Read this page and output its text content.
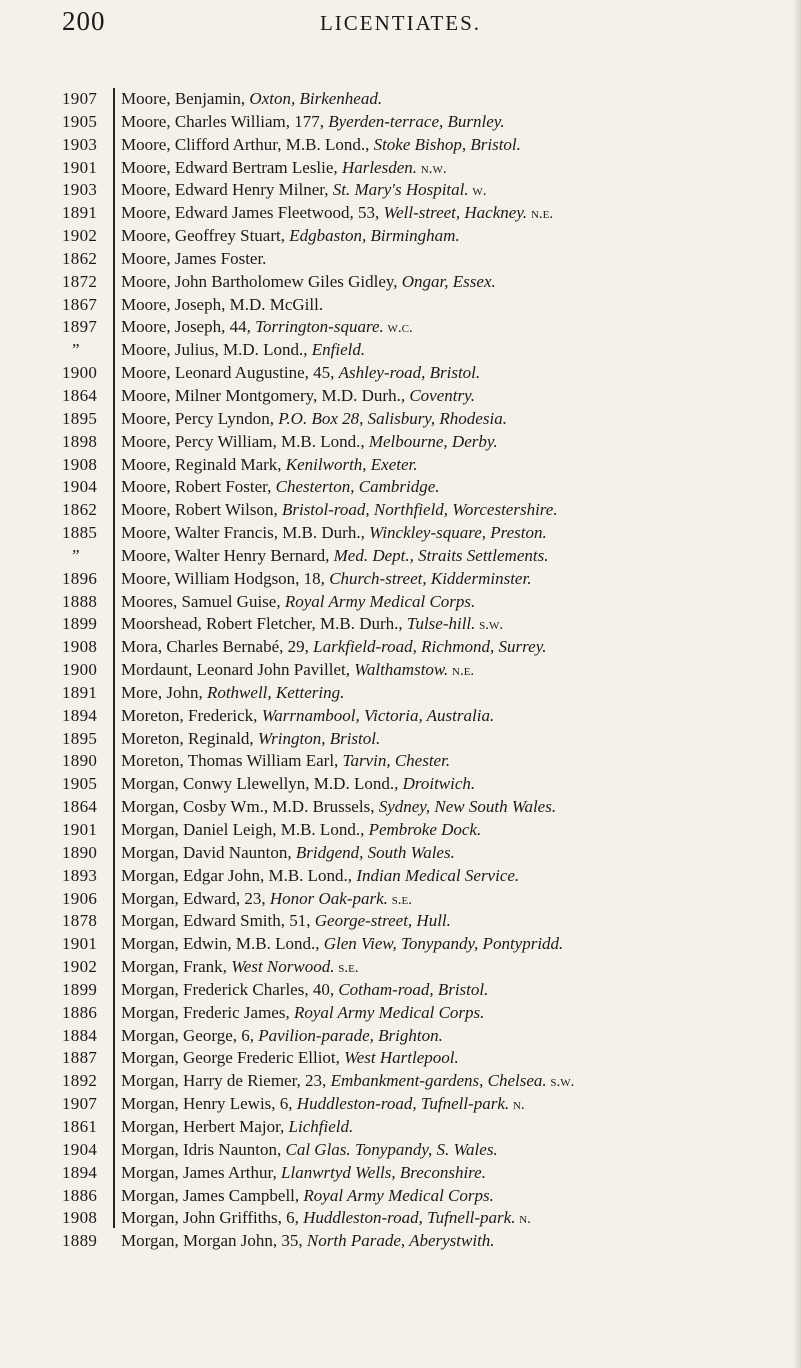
200	LICENTIATES.
1907	Moore, Benjamin, Oxton, Birkenhead.
1905	Moore, Charles William, 177, Byerden-terrace, Burnley.
1903	Moore, Clifford Arthur, M.B. Lond., Stoke Bishop, Bristol.
1901	Moore, Edward Bertram Leslie, Harlesden. n.w.
1903	Moore, Edward Henry Milner, St. Mary's Hospital. w.
1891	Moore, Edward James Fleetwood, 53, Well-street, Hackney. n.e.
1902	Moore, Geoffrey Stuart, Edgbaston, Birmingham.
1862	Moore, James Foster.
1872	Moore, John Bartholomew Giles Gidley, Ongar, Essex.
1867	Moore, Joseph, M.D. McGill.
1897	Moore, Joseph, 44, Torrington-square. w.c.
”	Moore, Julius, M.D. Lond., Enfield.
1900	Moore, Leonard Augustine, 45, Ashley-road, Bristol.
1864	Moore, Milner Montgomery, M.D. Durh., Coventry.
1895	Moore, Percy Lyndon, P.O. Box 28, Salisbury, Rhodesia.
1898	Moore, Percy William, M.B. Lond., Melbourne, Derby.
1908	Moore, Reginald Mark, Kenilworth, Exeter.
1904	Moore, Robert Foster, Chesterton, Cambridge.
1862	Moore, Robert Wilson, Bristol-road, Northfield, Worcestershire.
1885	Moore, Walter Francis, M.B. Durh., Winckley-square, Preston.
”	Moore, Walter Henry Bernard, Med. Dept., Straits Settlements.
1896	Moore, William Hodgson, 18, Church-street, Kidderminster.
1888	Moores, Samuel Guise, Royal Army Medical Corps.
1899	Moorshead, Robert Fletcher, M.B. Durh., Tulse-hill. s.w.
1908	Mora, Charles Bernabé, 29, Larkfield-road, Richmond, Surrey.
1900	Mordaunt, Leonard John Pavillet, Walthamstow. n.e.
1891	More, John, Rothwell, Kettering.
1894	Moreton, Frederick, Warrnambool, Victoria, Australia.
1895	Moreton, Reginald, Wrington, Bristol.
1890	Moreton, Thomas William Earl, Tarvin, Chester.
1905	Morgan, Conwy Llewellyn, M.D. Lond., Droitwich.
1864	Morgan, Cosby Wm., M.D. Brussels, Sydney, New South Wales.
1901	Morgan, Daniel Leigh, M.B. Lond., Pembroke Dock.
1890	Morgan, David Naunton, Bridgend, South Wales.
1893	Morgan, Edgar John, M.B. Lond., Indian Medical Service.
1906	Morgan, Edward, 23, Honor Oak-park. s.e.
1878	Morgan, Edward Smith, 51, George-street, Hull.
1901	Morgan, Edwin, M.B. Lond., Glen View, Tonypandy, Pontypridd.
1902	Morgan, Frank, West Norwood. s.e.
1899	Morgan, Frederick Charles, 40, Cotham-road, Bristol.
1886	Morgan, Frederic James, Royal Army Medical Corps.
1884	Morgan, George, 6, Pavilion-parade, Brighton.
1887	Morgan, George Frederic Elliot, West Hartlepool.
1892	Morgan, Harry de Riemer, 23, Embankment-gardens, Chelsea. s.w.
1907	Morgan, Henry Lewis, 6, Huddleston-road, Tufnell-park. n.
1861	Morgan, Herbert Major, Lichfield.
1904	Morgan, Idris Naunton, Cal Glas. Tonypandy, S. Wales.
1894	Morgan, James Arthur, Llanwrtyd Wells, Breconshire.
1886	Morgan, James Campbell, Royal Army Medical Corps.
1908	Morgan, John Griffiths, 6, Huddleston-road, Tufnell-park. n.
1889	Morgan, Morgan John, 35, North Parade, Aberystwith.
